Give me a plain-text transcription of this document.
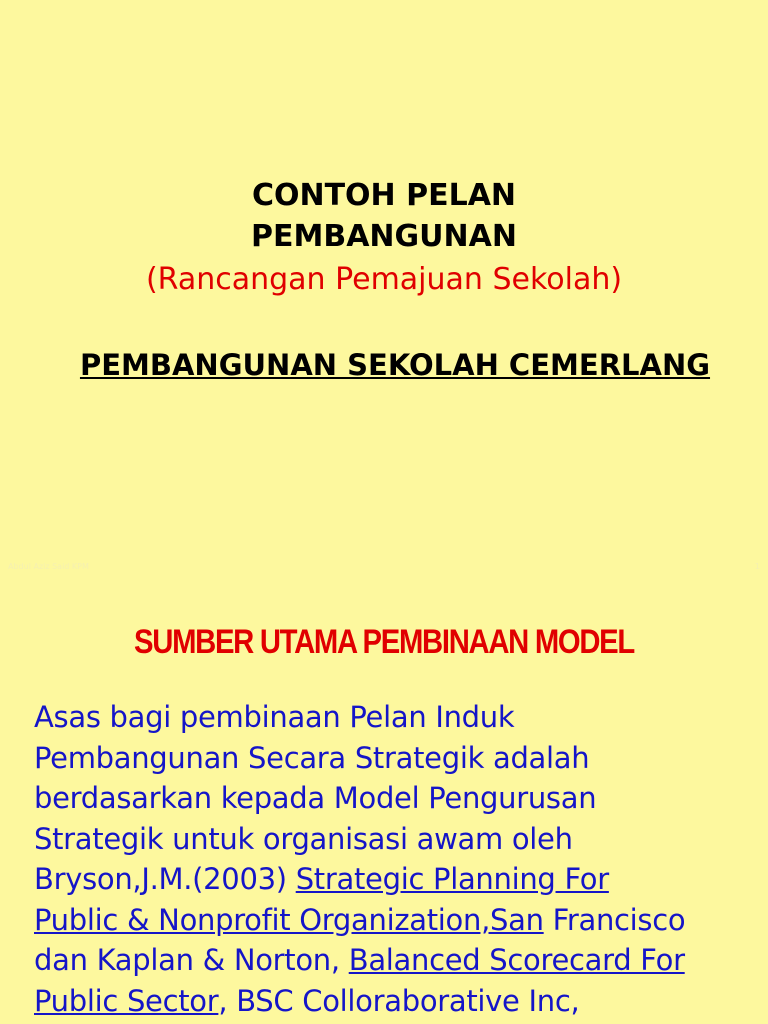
CONTOH PELAN
PEMBANGUNAN
(Rancangan Pemajuan Sekolah)
PEMBANGUNAN SEKOLAH CEMERLANG
Abdul Aziz Said KPM	1
SUMBER UTAMA PEMBINAAN MODEL
Asas bagi pembinaan Pelan Induk
Pembangunan Secara Strategik adalah
berdasarkan kepada Model Pengurusan
Strategik untuk organisasi awam oleh
Bryson,J.M.(2003) Strategic Planning For
Public & Nonprofit Organization,San Francisco
dan Kaplan & Norton, Balanced Scorecard For
Public Sector, BSC Colloraborative Inc,
